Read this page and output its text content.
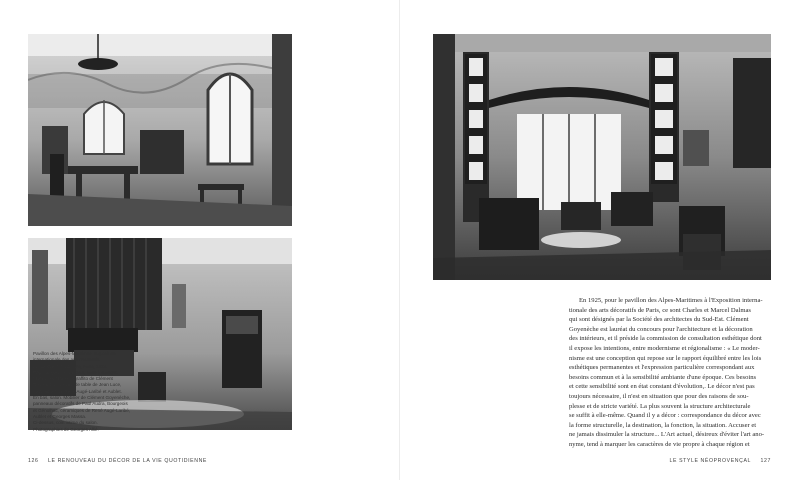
Pavillon des Alpes-Maritimes, Exposition

internationale des arts décoratifs

et industriels modernes, Paris, 1925.

Page de gauche, en haut, salle à manger.

Mobilier et frise en sgraffito de Clément

Goyenèche, service de table de Jean Luce,

céramiques de René Augé-Laribé et Aublet.

En bas, salon. Mobilier de Clément Goyenèche,

panneaux décoratifs de Paul Audra, Bourgeois

et Génolhac, céramiques de René Augé-Laribé,

Aublet et Georges Massa.

Ci-dessus, coin intime du salon.

Photographies de Georges Allié.

126 LE RENOUVEAU DU DÉCOR DE LA VIE QUOTIDIENNE

En 1925, pour le pavillon des Alpes-Maritimes à l'Exposition interna-

tionale des arts décoratifs de Paris, ce sont Charles et Marcel Dalmas
qui sont désignés par la Société des architectes du Sud-Est. Clément
Goyenèche est lauréat du concours pour l'architecture et la décoration
des intérieurs, et il préside la commission de consultation esthétique dont
il expose les intentions, entre modernisme et régionalisme : « Le moder-
nisme est une conception qui repose sur le rapport équilibré entre les lois
esthétiques permanentes et l'expression particulière correspondant aux
besoins commun et à la sensibilité ambiante d'une époque. Ces besoins
et cette sensibilité sont en état constant d'évolution,. Le décor n'est pas
toujours nécessaire, il n'est en situation que pour des raisons de sou-
plesse et de stricte variété. La plus souvent la structure architecturale
se suffit à elle-même. Quand il y a décor : correspondance du décor avec
la forme structurelle, la destination, la fonction, la situation. Accuser et
ne jamais dissimuler la structure... L'Art actuel, désireux d'éviter l'art ano-
nyme, tend à marquer les caractères de vie propre à chaque région et
LE STYLE NÉOPROVENÇAL 127
